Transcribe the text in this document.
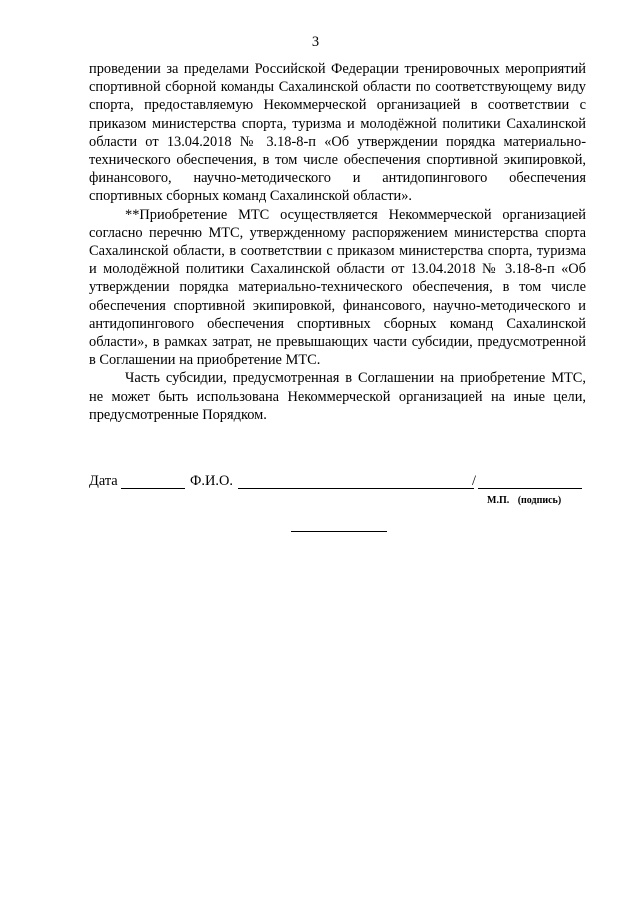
3

проведении за пределами Российской Федерации тренировочных мероприятий спортивной сборной команды Сахалинской области по соответствующему виду спорта, предоставляемую Некоммерческой организацией в соответствии с приказом министерства спорта, туризма и молодёжной политики Сахалинской области от 13.04.2018 № 3.18-8-п «Об утверждении порядка материально-технического обеспечения, в том числе обеспечения спортивной экипировкой, финансового, научно-методического и антидопингового обеспечения спортивных сборных команд Сахалинской области».

**Приобретение МТС осуществляется Некоммерческой организацией согласно перечню МТС, утвержденному распоряжением министерства спорта Сахалинской области, в соответствии с приказом министерства спорта, туризма и молодёжной политики Сахалинской области от 13.04.2018 № 3.18-8-п «Об утверждении порядка материально-технического обеспечения, в том числе обеспечения спортивной экипировкой, финансового, научно-методического и антидопингового обеспечения спортивных сборных команд Сахалинской области», в рамках затрат, не превышающих части субсидии, предусмотренной в Соглашении на приобретение МТС.

Часть субсидии, предусмотренная в Соглашении на приобретение МТС, не может быть использована Некоммерческой организацией на иные цели, предусмотренные Порядком.

Дата	Ф.И.О.	/
М.П. (подпись)
